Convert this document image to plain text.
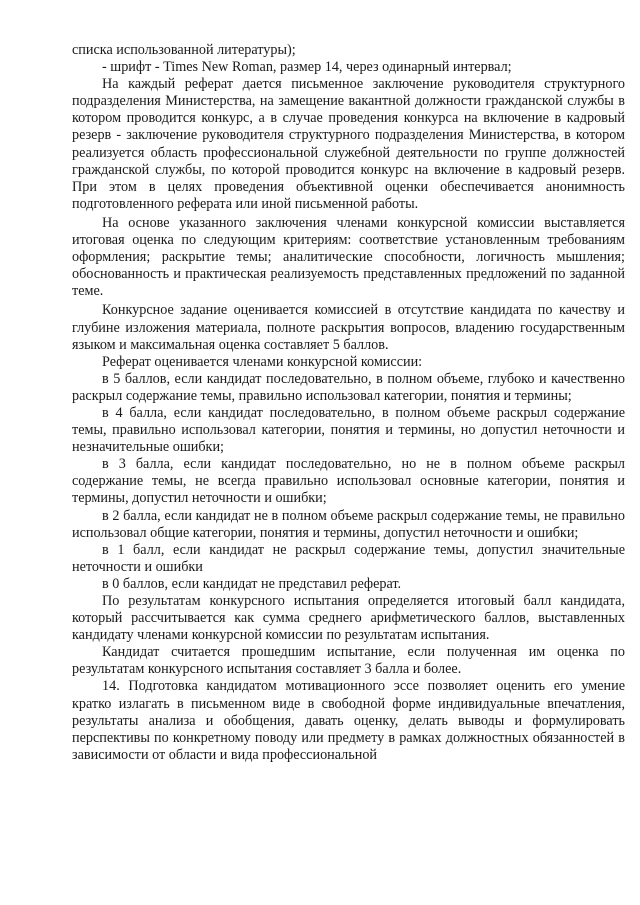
списка использованной литературы);

- шрифт - Times New Roman, размер 14, через одинарный интервал;

На каждый реферат дается письменное заключение руководителя структурного подразделения Министерства, на замещение вакантной должности гражданской службы в котором проводится конкурс, а в случае проведения конкурса на включение в кадровый резерв - заключение руководителя структурного подразделения Министерства, в котором реализуется область профессиональной служебной деятельности по группе должностей гражданской службы, по которой проводится конкурс на включение в кадровый резерв. При этом в целях проведения объективной оценки обеспечивается анонимность подготовленного реферата или иной письменной работы.

На основе указанного заключения членами конкурсной комиссии выставляется итоговая оценка по следующим критериям: соответствие установленным требованиям оформления; раскрытие темы; аналитические способности, логичность мышления; обоснованность и практическая реализуемость представленных предложений по заданной теме.

Конкурсное задание оценивается комиссией в отсутствие кандидата по качеству и глубине изложения материала, полноте раскрытия вопросов, владению государственным языком и максимальная оценка составляет 5 баллов.

Реферат оценивается членами конкурсной комиссии:

в 5 баллов, если кандидат последовательно, в полном объеме, глубоко и качественно раскрыл содержание темы, правильно использовал категории, понятия и термины;

в 4 балла, если кандидат последовательно, в полном объеме раскрыл содержание темы, правильно использовал категории, понятия и термины, но допустил неточности и незначительные ошибки;

в 3 балла, если кандидат последовательно, но не в полном объеме раскрыл содержание темы, не всегда правильно использовал основные категории, понятия и термины, допустил неточности и ошибки;

в 2 балла, если кандидат не в полном объеме раскрыл содержание темы, не правильно использовал общие категории, понятия и термины, допустил неточности и ошибки;

в 1 балл, если кандидат не раскрыл содержание темы, допустил значительные неточности и ошибки

в 0 баллов, если кандидат не представил реферат.

По результатам конкурсного испытания определяется итоговый балл кандидата, который рассчитывается как сумма среднего арифметического баллов, выставленных кандидату членами конкурсной комиссии по результатам испытания.

Кандидат считается прошедшим испытание, если полученная им оценка по результатам конкурсного испытания составляет 3 балла и более.

14. Подготовка кандидатом мотивационного эссе позволяет оценить его умение кратко излагать в письменном виде в свободной форме индивидуальные впечатления, результаты анализа и обобщения, давать оценку, делать выводы и формулировать перспективы по конкретному поводу или предмету в рамках должностных обязанностей в зависимости от области и вида профессиональной
